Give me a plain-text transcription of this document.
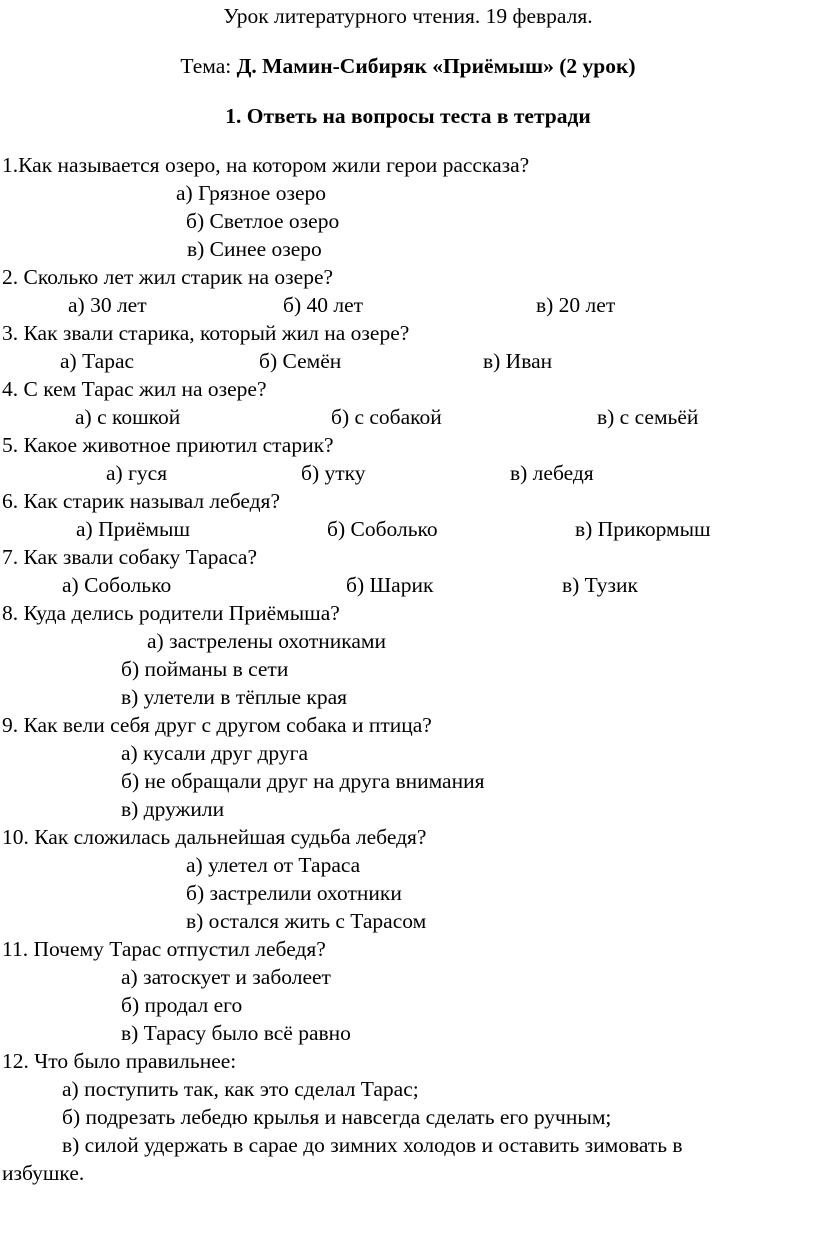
Урок литературного чтения. 19 февраля.
Тема: Д. Мамин-Сибиряк «Приёмыш» (2 урок)
1. Ответь на вопросы теста в тетради
1.Как называется озеро, на котором жили герои рассказа?
а) Грязное озеро
б) Светлое озеро
в) Синее озеро
2. Сколько лет жил старик на озере?
а) 30 лет	б) 40 лет	в) 20 лет
3. Как звали старика, который жил на озере?
а) Тарас	б) Семён	в) Иван
4. С кем Тарас жил на озере?
а) с кошкой	б) с собакой	в) с семьёй
5. Какое животное приютил старик?
а) гуся	б) утку	в) лебедя
6. Как старик называл лебедя?
а) Приёмыш	б) Соболько	в) Прикормыш
7. Как звали собаку Тараса?
а) Соболько	б) Шарик	в) Тузик
8. Куда делись родители Приёмыша?
а) застрелены охотниками
б) пойманы в сети
в) улетели в тёплые края
9. Как вели себя друг с другом собака и птица?
а) кусали друг друга
б) не обращали друг на друга внимания
в) дружили
10. Как сложилась дальнейшая судьба лебедя?
а) улетел от Тараса
б) застрелили охотники
в) остался жить с Тарасом
11. Почему Тарас отпустил лебедя?
а) затоскует и заболеет
б) продал его
в) Тарасу было всё равно
12. Что было правильнее:
а) поступить так, как это сделал Тарас;
б) подрезать лебедю крылья и навсегда сделать его ручным;
в) силой удержать в сарае до зимних холодов и оставить зимовать в
избушке.
